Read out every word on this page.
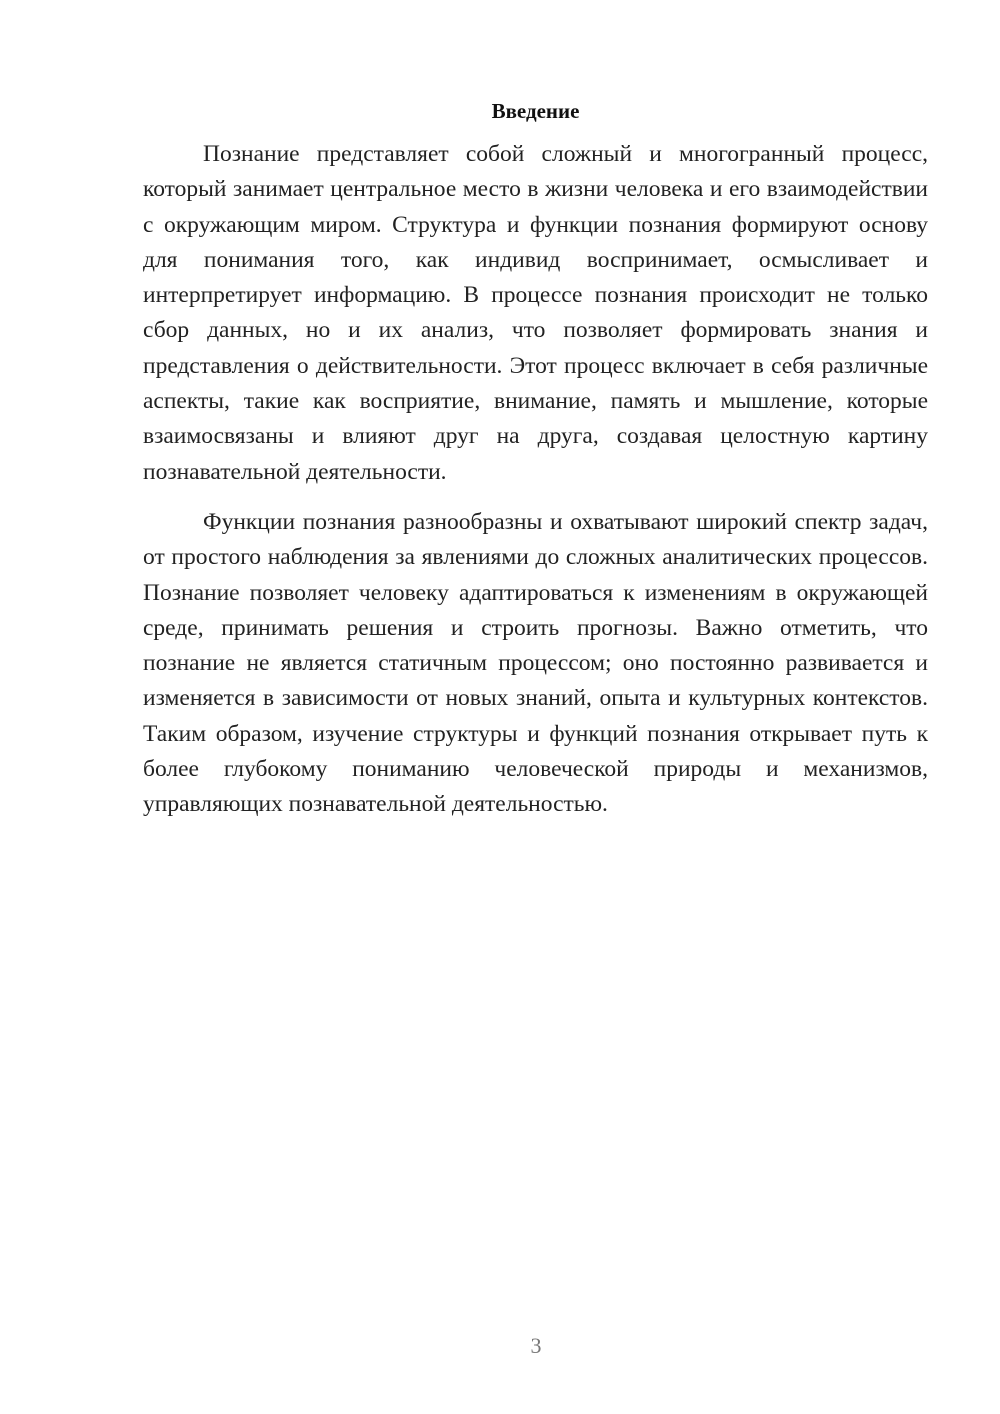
Введение

Познание представляет собой сложный и многогранный процесс, который занимает центральное место в жизни человека и его взаимодействии с окружающим миром. Структура и функции познания формируют основу для понимания того, как индивид воспринимает, осмысливает и интерпретирует информацию. В процессе познания происходит не только сбор данных, но и их анализ, что позволяет формировать знания и представления о действительности. Этот процесс включает в себя различные аспекты, такие как восприятие, внимание, память и мышление, которые взаимосвязаны и влияют друг на друга, создавая целостную картину познавательной деятельности.

Функции познания разнообразны и охватывают широкий спектр задач, от простого наблюдения за явлениями до сложных аналитических процессов. Познание позволяет человеку адаптироваться к изменениям в окружающей среде, принимать решения и строить прогнозы. Важно отметить, что познание не является статичным процессом; оно постоянно развивается и изменяется в зависимости от новых знаний, опыта и культурных контекстов. Таким образом, изучение структуры и функций познания открывает путь к более глубокому пониманию человеческой природы и механизмов, управляющих познавательной деятельностью.

3
